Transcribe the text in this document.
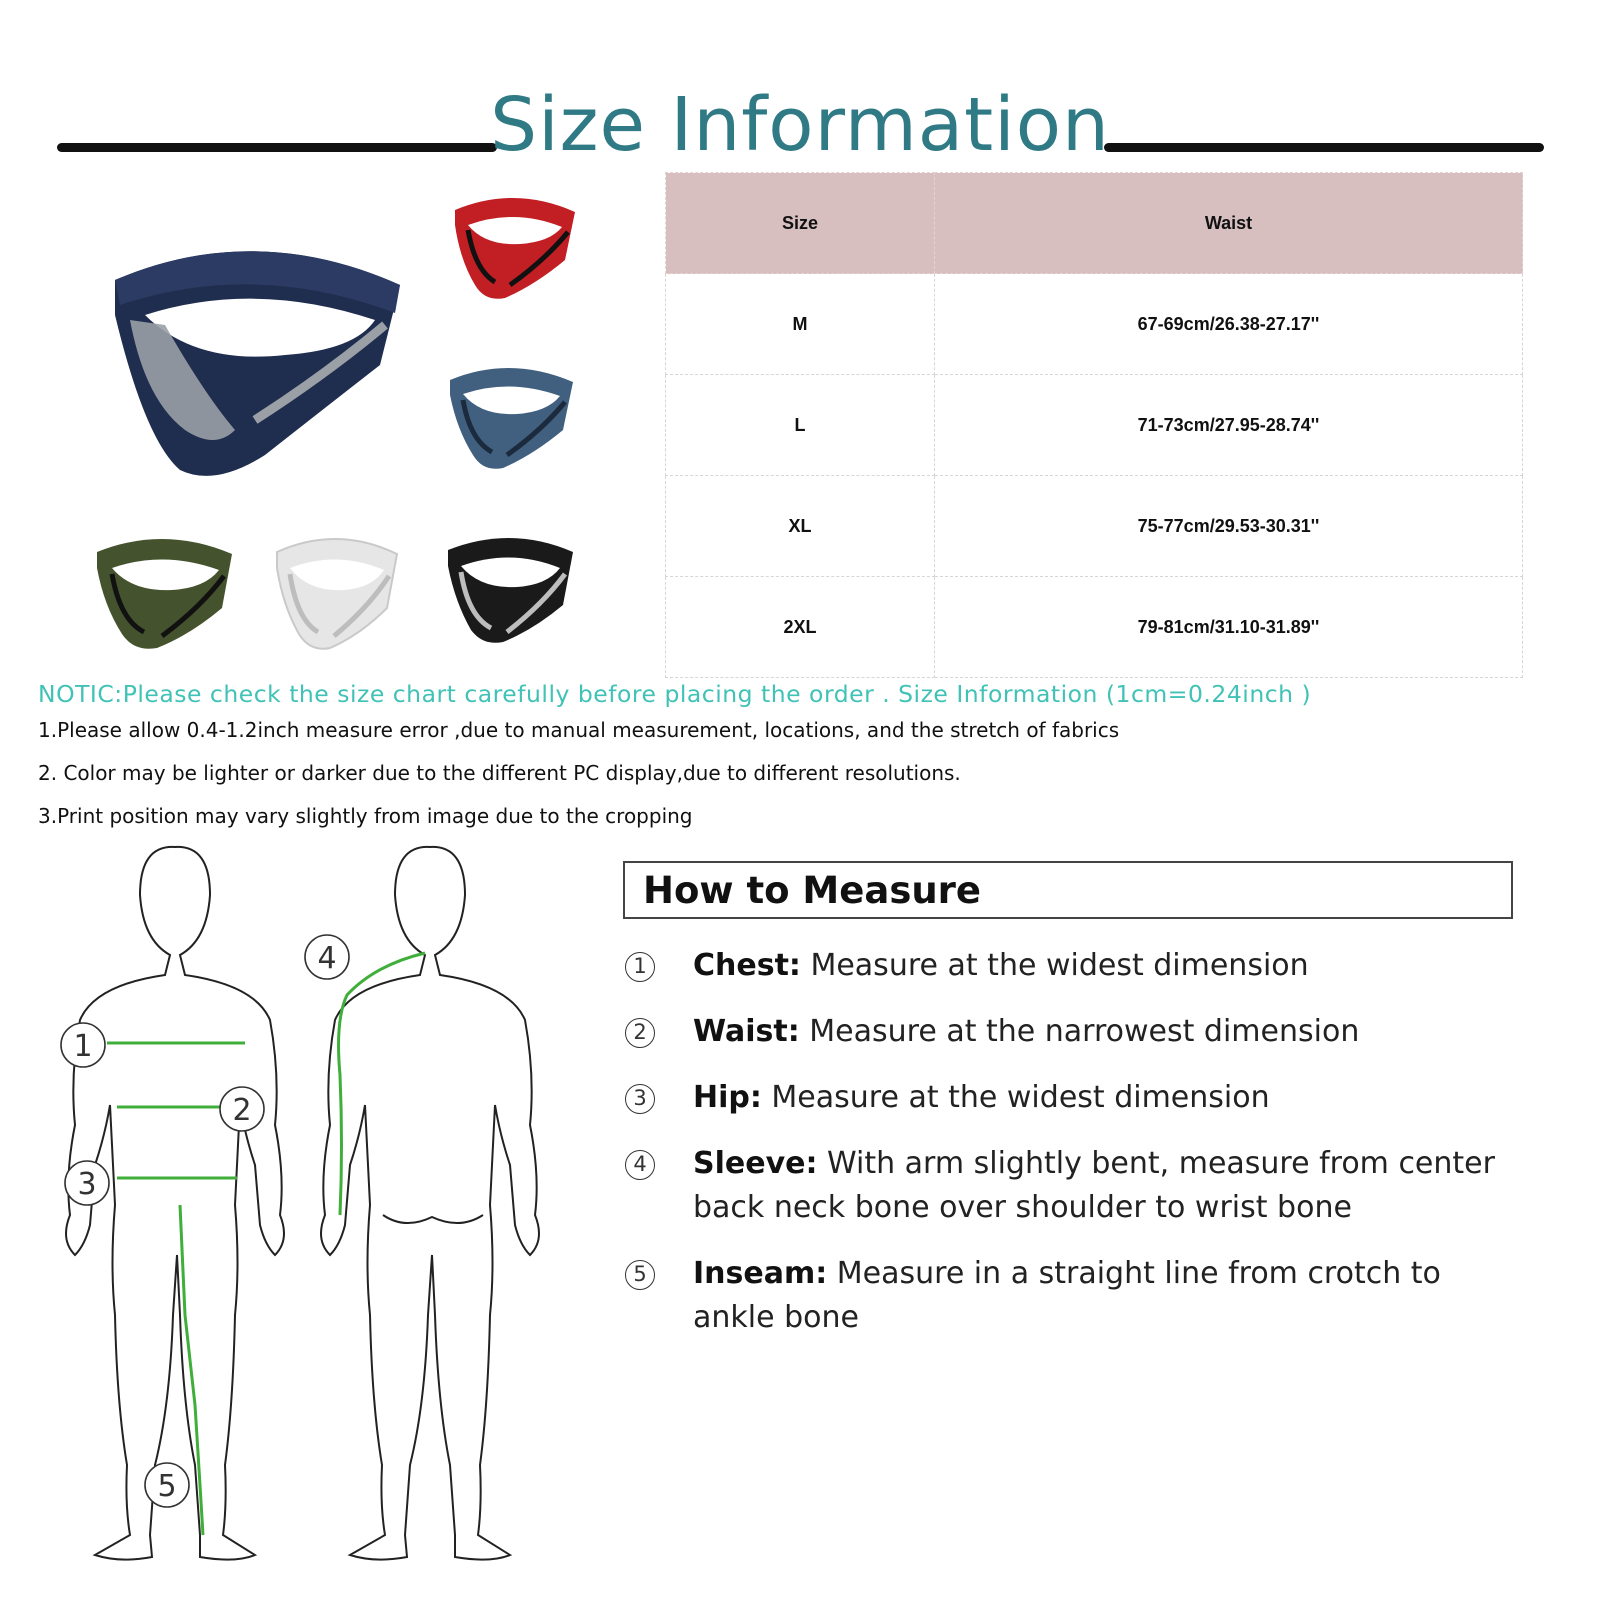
Size Information
Size	Waist
M	67-69cm/26.38-27.17''
L	71-73cm/27.95-28.74''
XL	75-77cm/29.53-30.31''
2XL	79-81cm/31.10-31.89''
NOTIC:Please check the size chart carefully before placing the order . Size Information (1cm=0.24inch )
1.Please allow 0.4-1.2inch measure error ,due to manual measurement, locations, and the stretch of fabrics
2. Color may be lighter or darker due to the different PC display,due to different resolutions.
3.Print position may vary slightly from image due to the cropping
1
2
3
4
5
How to Measure
1 Chest: Measure at the widest dimension
2 Waist: Measure at the narrowest dimension
3 Hip: Measure at the widest dimension
4 Sleeve: With arm slightly bent, measure from center back neck bone over shoulder to wrist bone
5 Inseam: Measure in a straight line from crotch to ankle bone
